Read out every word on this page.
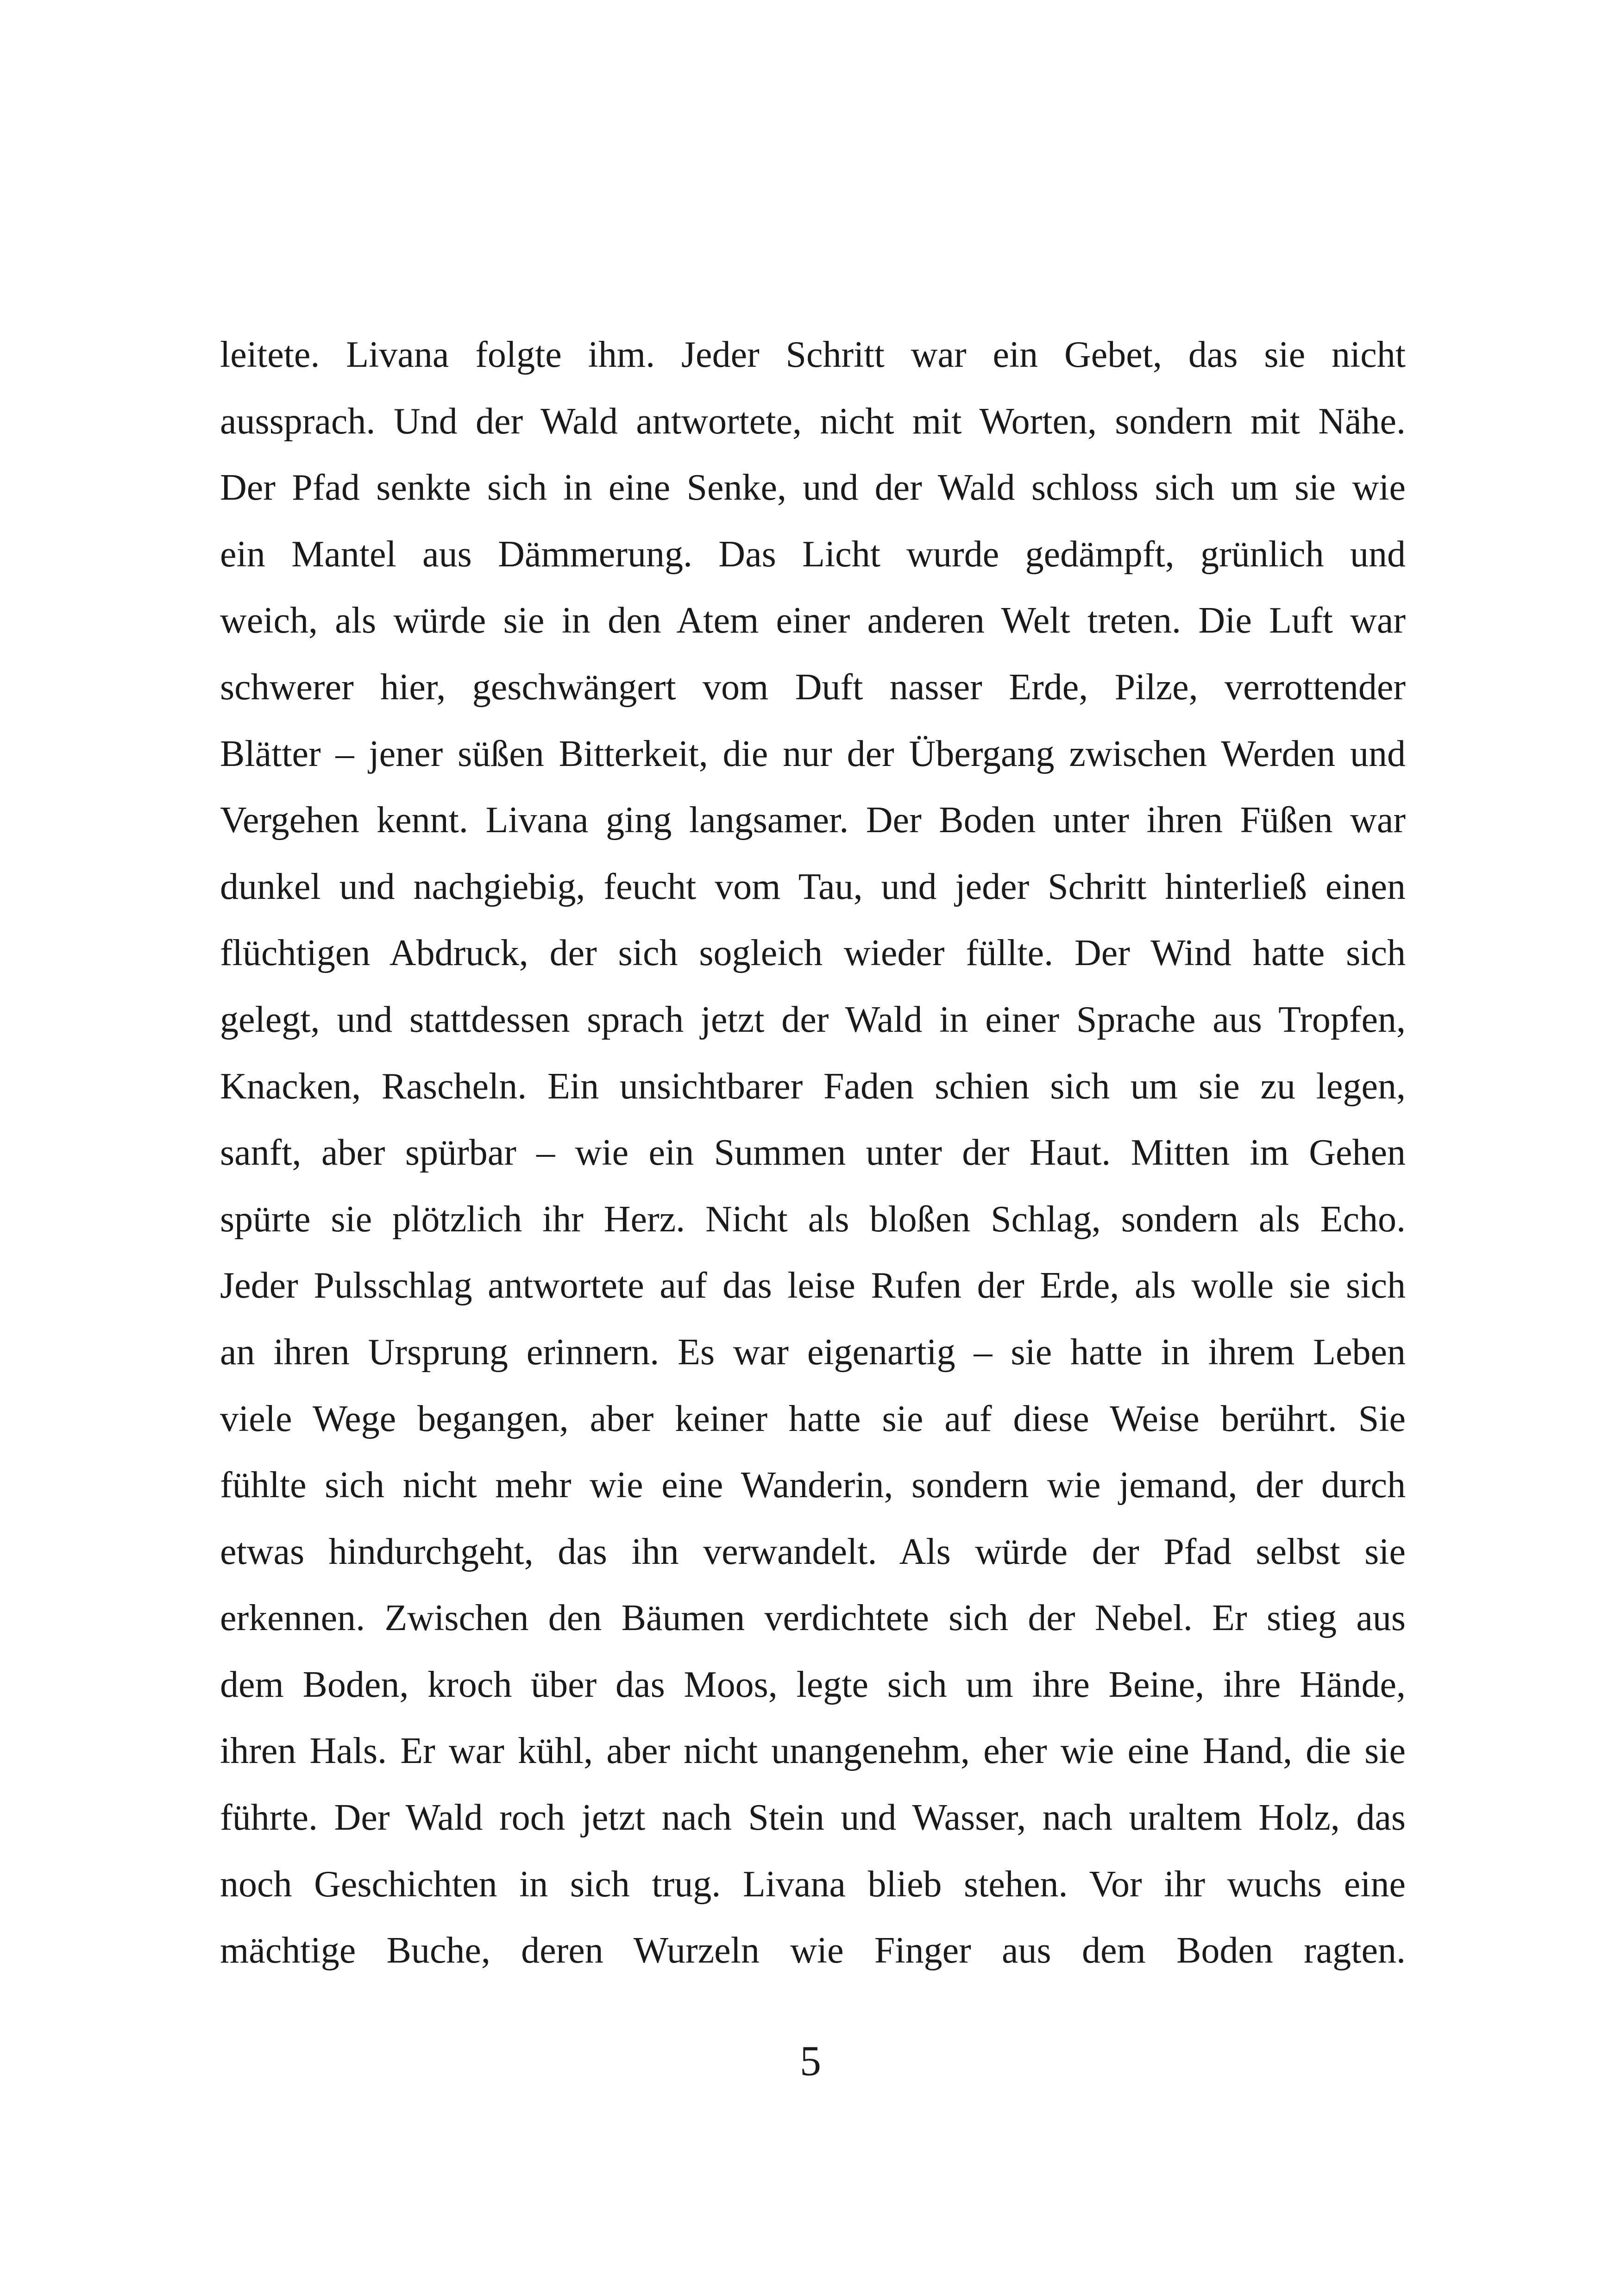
leitete. Livana folgte ihm. Jeder Schritt war ein Gebet, das sie nicht
aussprach. Und der Wald antwortete, nicht mit Worten, sondern mit Nähe.
Der Pfad senkte sich in eine Senke, und der Wald schloss sich um sie wie
ein Mantel aus Dämmerung. Das Licht wurde gedämpft, grünlich und
weich, als würde sie in den Atem einer anderen Welt treten. Die Luft war
schwerer hier, geschwängert vom Duft nasser Erde, Pilze, verrottender
Blätter – jener süßen Bitterkeit, die nur der Übergang zwischen Werden und
Vergehen kennt. Livana ging langsamer. Der Boden unter ihren Füßen war
dunkel und nachgiebig, feucht vom Tau, und jeder Schritt hinterließ einen
flüchtigen Abdruck, der sich sogleich wieder füllte. Der Wind hatte sich
gelegt, und stattdessen sprach jetzt der Wald in einer Sprache aus Tropfen,
Knacken, Rascheln. Ein unsichtbarer Faden schien sich um sie zu legen,
sanft, aber spürbar – wie ein Summen unter der Haut. Mitten im Gehen
spürte sie plötzlich ihr Herz. Nicht als bloßen Schlag, sondern als Echo.
Jeder Pulsschlag antwortete auf das leise Rufen der Erde, als wolle sie sich
an ihren Ursprung erinnern. Es war eigenartig – sie hatte in ihrem Leben
viele Wege begangen, aber keiner hatte sie auf diese Weise berührt. Sie
fühlte sich nicht mehr wie eine Wanderin, sondern wie jemand, der durch
etwas hindurchgeht, das ihn verwandelt. Als würde der Pfad selbst sie
erkennen. Zwischen den Bäumen verdichtete sich der Nebel. Er stieg aus
dem Boden, kroch über das Moos, legte sich um ihre Beine, ihre Hände,
ihren Hals. Er war kühl, aber nicht unangenehm, eher wie eine Hand, die sie
führte. Der Wald roch jetzt nach Stein und Wasser, nach uraltem Holz, das
noch Geschichten in sich trug. Livana blieb stehen. Vor ihr wuchs eine
mächtige Buche, deren Wurzeln wie Finger aus dem Boden ragten.
5
